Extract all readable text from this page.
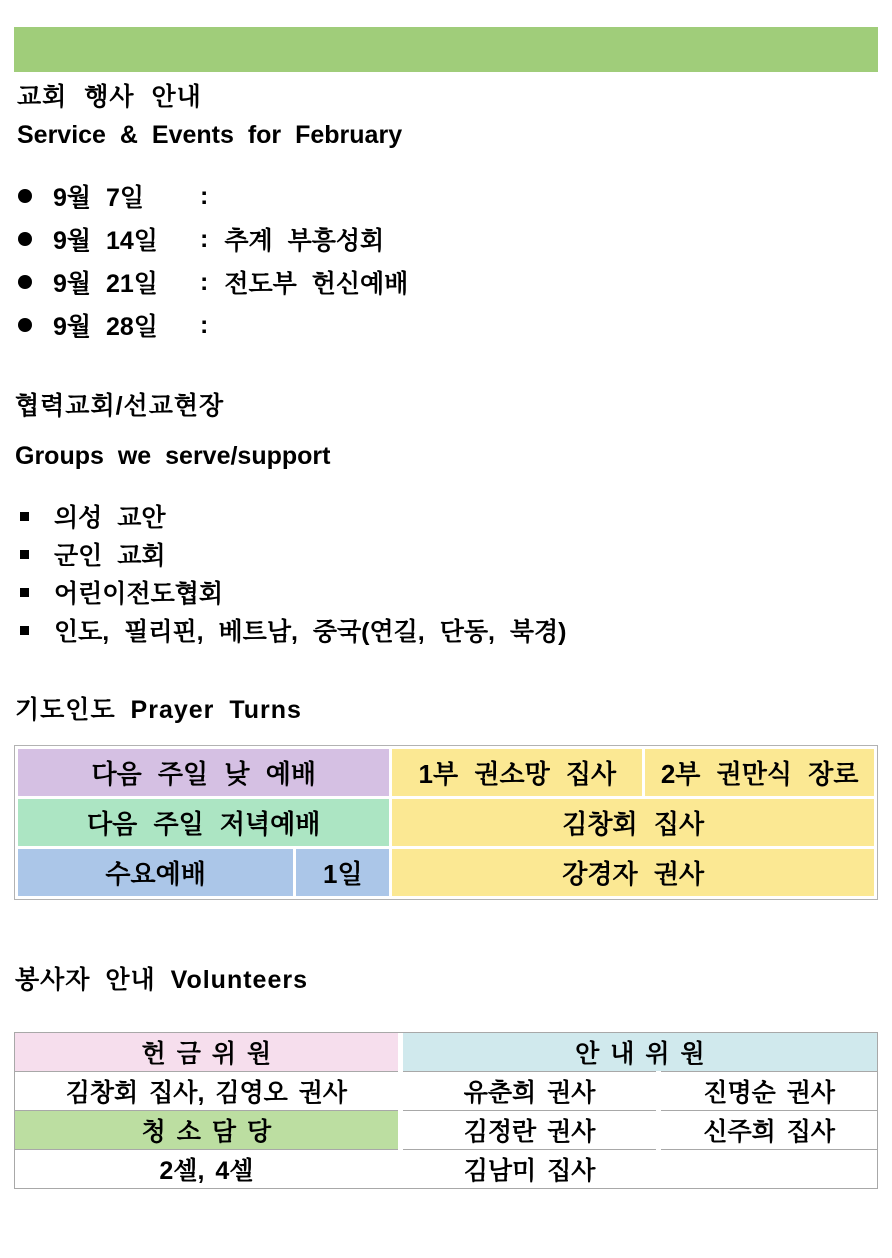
교회 행사 안내
Service & Events for February
9월 7일	:
9월 14일	: 추계 부흥성회
9월 21일	: 전도부 헌신예배
9월 28일	:
협력교회/선교현장
Groups we serve/support
의성 교안
군인 교회
어린이전도협회
인도, 필리핀, 베트남, 중국(연길, 단동, 북경)
기도인도 Prayer Turns
다음 주일 낮 예배		1부 권소망 집사	2부 권만식 장로
다음 주일 저녁예배		김창회 집사	
수요예배	1일	강경자 권사	
봉사자 안내 Volunteers
헌 금 위 원	안 내 위 원	
김창회 집사, 김영오 권사	유춘희 권사	진명순 권사
청 소 담 당	김정란 권사	신주희 집사
2셀, 4셀	김남미 집사	
